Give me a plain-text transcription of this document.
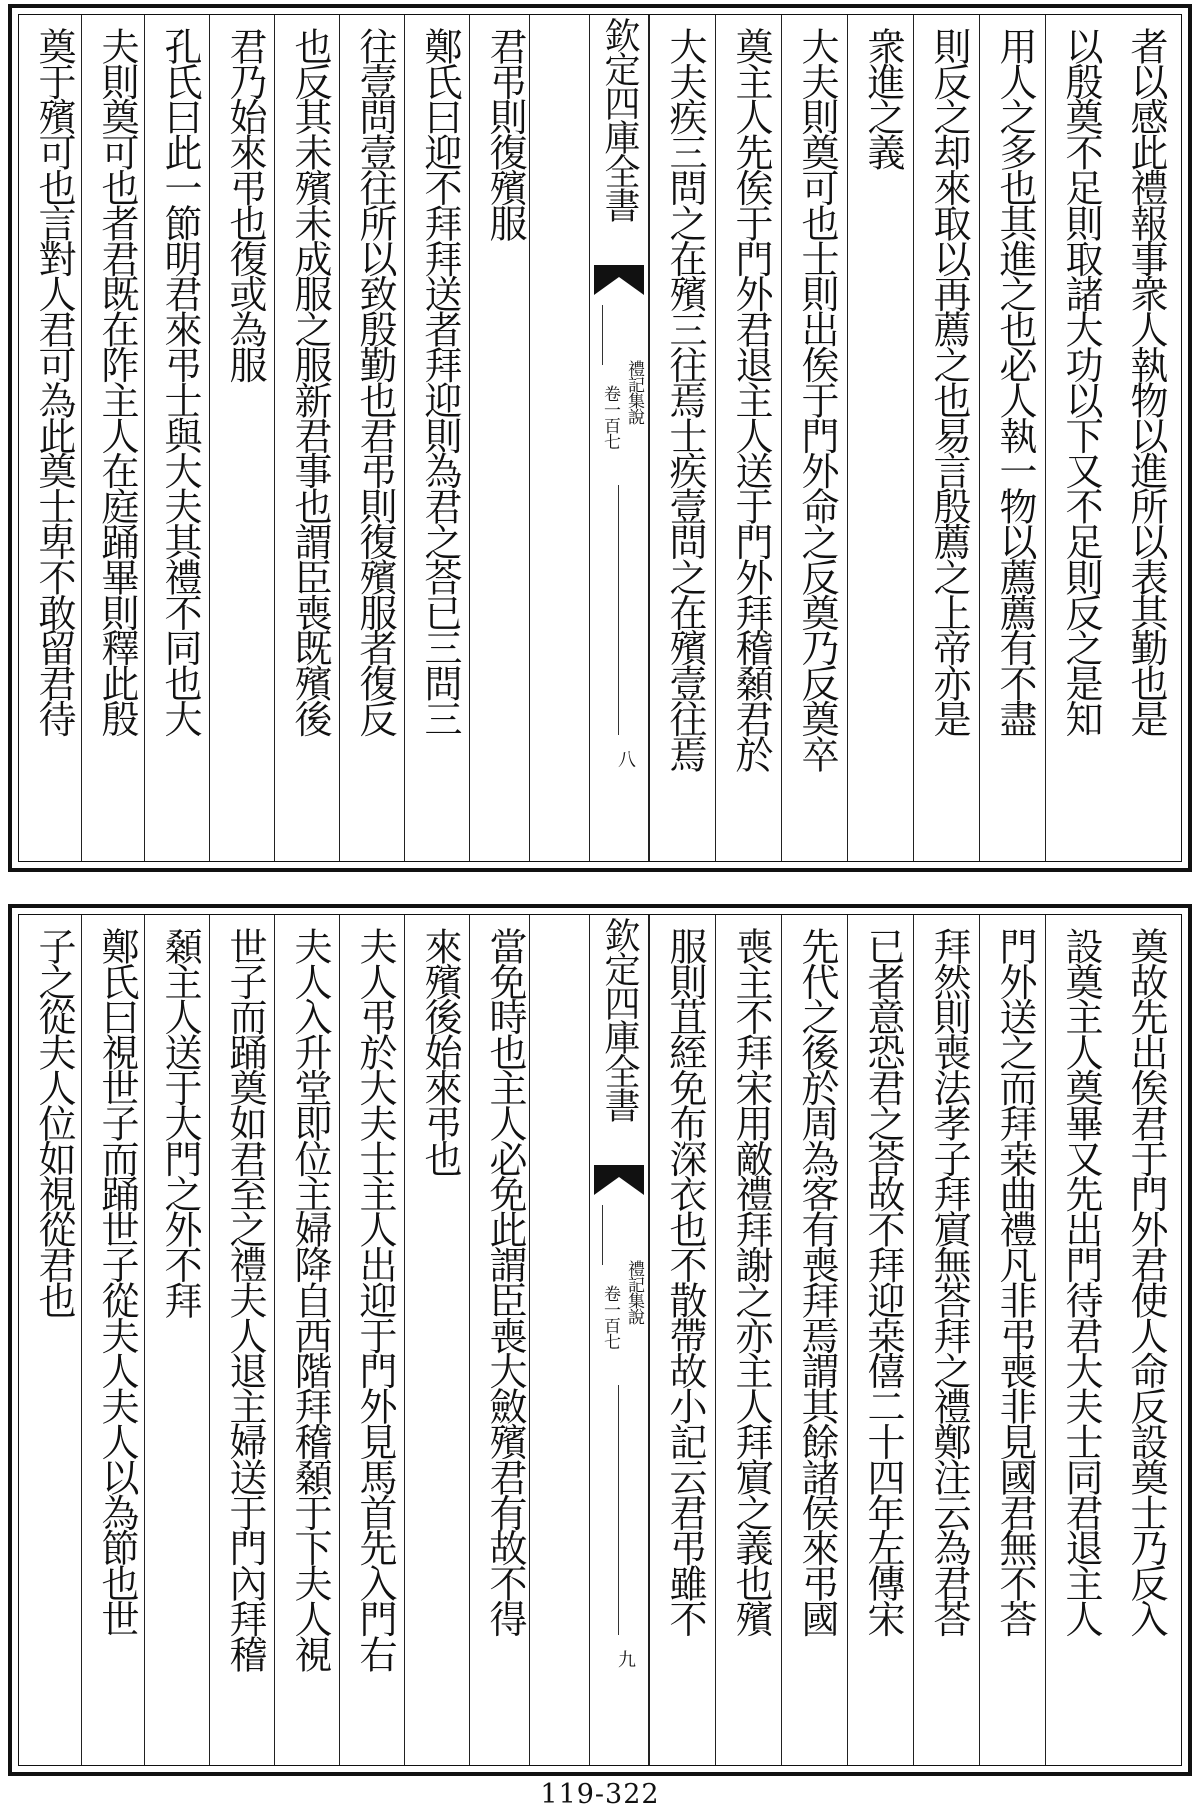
君弔則復殯服
鄭氏曰迎不拜拜送者拜迎則為君之荅已三問三
往壹問壹往所以致殷勤也君弔則復殯服者復反
也反其未殯未成服之服新君事也謂臣喪既殯後
君乃始來弔也復或為服
孔氏曰此一節明君來弔士與大夫其禮不同也大
夫則奠可也者君既在阼主人在庭踊畢則釋此殷
奠于殯可也言對人君可為此奠士卑不敢留君待	欽定四庫全書
禮記集說
卷一百七
八 大夫疾三問之在殯三往焉士疾壹問之在殯壹往焉 奠主人先俟于門外君退主人送于門外拜稽顙君於 大夫則奠可也士則出俟于門外命之反奠乃反奠卒 衆進之義 則反之却來取以再薦之也易言殷薦之上帝亦是 用人之多也其進之也必人執一物以薦薦有不盡 以殷奠不足則取諸大功以下又不足則反之是知 者以感此禮報事衆人執物以進所以表其勤也是
當免時也主人必免此謂臣喪大斂殯君有故不得
來殯後始來弔也
夫人弔於大夫士主人出迎于門外見馬首先入門右
夫人入升堂即位主婦降自西階拜稽顙于下夫人視
世子而踊奠如君至之禮夫人退主婦送于門內拜稽
顙主人送于大門之外不拜
鄭氏曰視世子而踊世子從夫人夫人以為節也世
子之從夫人位如視從君也	欽定四庫全書
禮記集說
卷一百七
九
服則苴絰免布深衣也不散帶故小記云君弔雖不 喪主不拜宋用敵禮拜謝之亦主人拜賔之義也殯 先代之後於周為客有喪拜焉謂其餘諸侯來弔國 已者意恐君之荅故不拜迎桒僖二十四年左傳宋 拜然則喪法孝子拜賔無荅拜之禮鄭注云為君荅 門外送之而拜桒曲禮凡非弔喪非見國君無不荅 設奠主人奠畢又先出門待君大夫士同君退主人 奠故先出俟君于門外君使人命反設奠士乃反入
119-322
